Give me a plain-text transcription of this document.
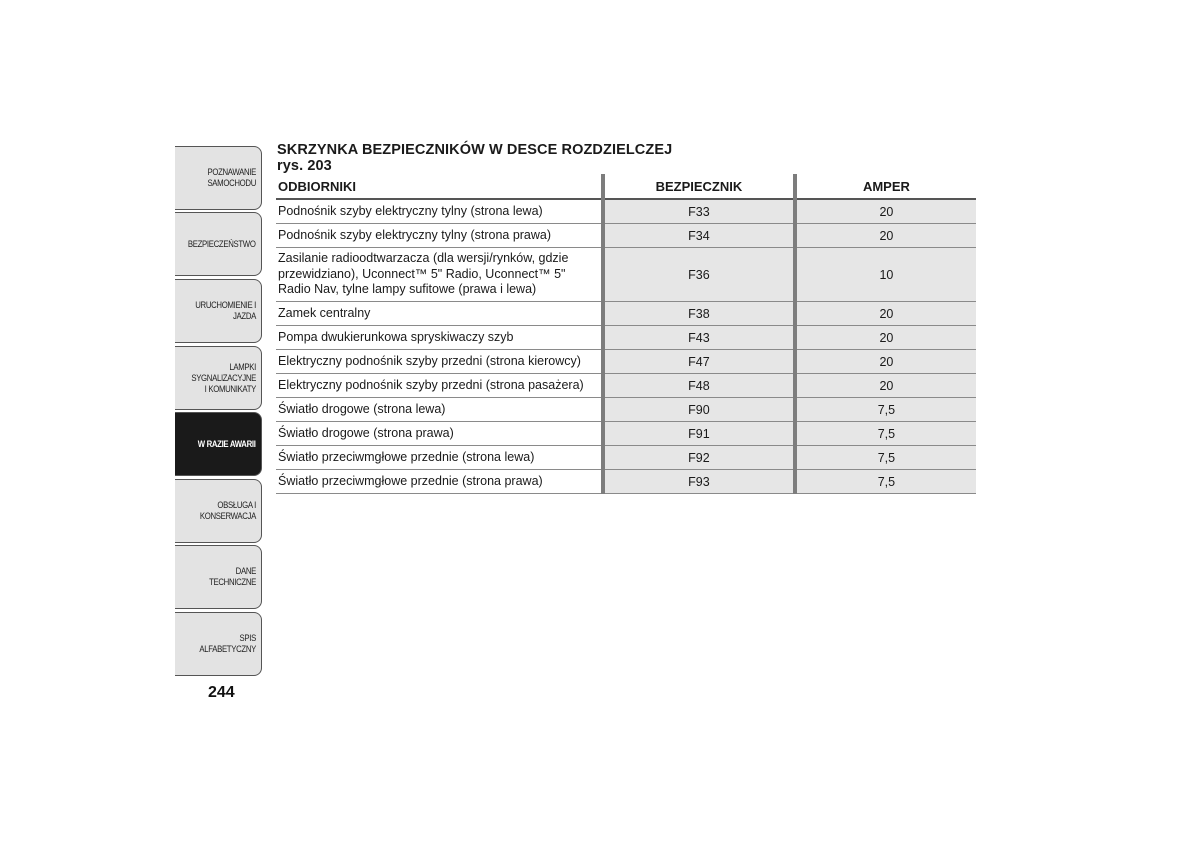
POZNAWANIE SAMOCHODU
BEZPIECZEŃSTWO
URUCHOMIENIE I JAZDA
LAMPKI SYGNALIZACYJNE I KOMUNIKATY
W RAZIE AWARII
OBSŁUGA I KONSERWACJA
DANE TECHNICZNE
SPIS ALFABETYCZNY
244
SKRZYNKA BEZPIECZNIKÓW W DESCE ROZDZIELCZEJ
rys. 203
ODBIORNIKI	BEZPIECZNIK	AMPER
Podnośnik szyby elektryczny tylny (strona lewa)	F33	20
Podnośnik szyby elektryczny tylny (strona prawa)	F34	20
Zasilanie radioodtwarzacza (dla wersji/rynków, gdzie przewidziano), Uconnect™ 5" Radio, Uconnect™ 5" Radio Nav, tylne lampy sufitowe (prawa i lewa)	F36	10
Zamek centralny	F38	20
Pompa dwukierunkowa spryskiwaczy szyb	F43	20
Elektryczny podnośnik szyby przedni (strona kierowcy)	F47	20
Elektryczny podnośnik szyby przedni (strona pasażera)	F48	20
Światło drogowe (strona lewa)	F90	7,5
Światło drogowe (strona prawa)	F91	7,5
Światło przeciwmgłowe przednie (strona lewa)	F92	7,5
Światło przeciwmgłowe przednie (strona prawa)	F93	7,5
